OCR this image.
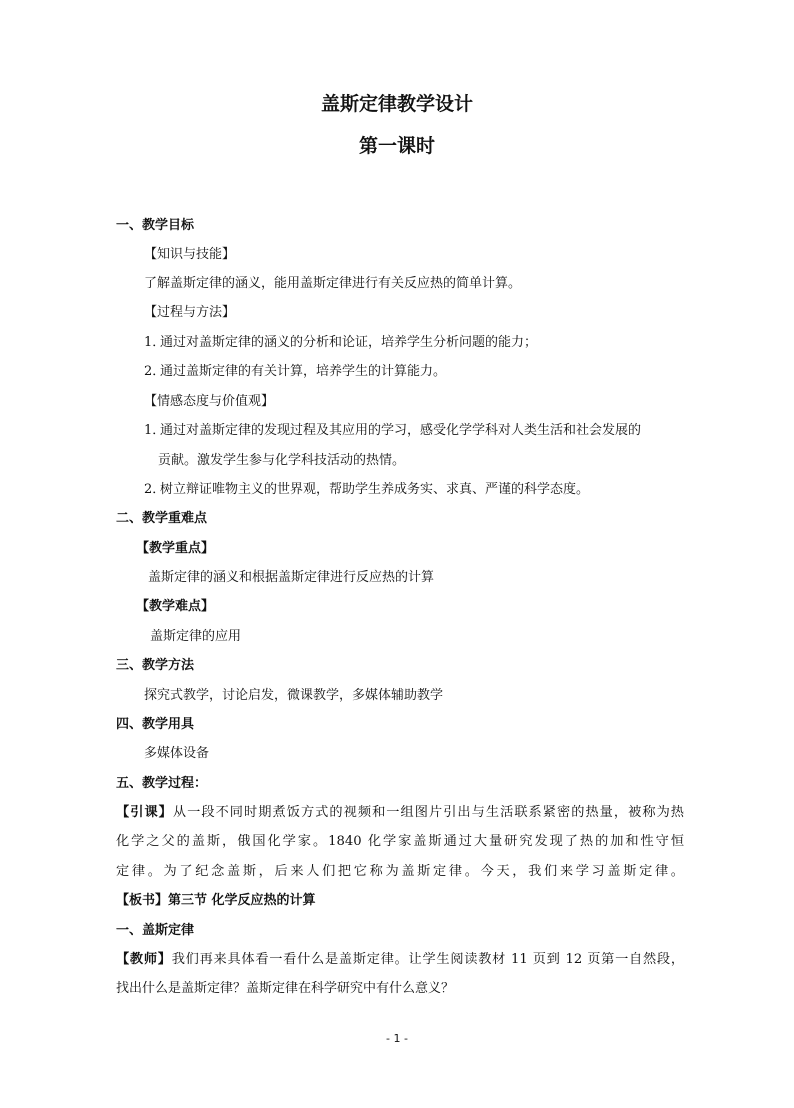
盖斯定律教学设计
第一课时
一、教学目标
【知识与技能】
了解盖斯定律的涵义，能用盖斯定律进行有关反应热的简单计算。
【过程与方法】
1．通过对盖斯定律的涵义的分析和论证，培养学生分析问题的能力；
2．通过盖斯定律的有关计算，培养学生的计算能力。
【情感态度与价值观】
1．通过对盖斯定律的发现过程及其应用的学习，感受化学学科对人类生活和社会发展的
贡献。激发学生参与化学科技活动的热情。
2．树立辩证唯物主义的世界观，帮助学生养成务实、求真、严谨的科学态度。
二、教学重难点
【教学重点】
盖斯定律的涵义和根据盖斯定律进行反应热的计算
【教学难点】
盖斯定律的应用
三、教学方法
探究式教学，讨论启发，微课教学，多媒体辅助教学
四、教学用具
多媒体设备
五、教学过程：
【引课】从一段不同时期煮饭方式的视频和一组图片引出与生活联系紧密的热量，被称为热
化学之父的盖斯，俄国化学家。1840 化学家盖斯通过大量研究发现了热的加和性守恒
定律。为了纪念盖斯，后来人们把它称为盖斯定律。今天，我们来学习盖斯定律。
【板书】第三节 化学反应热的计算
一、盖斯定律
【教师】我们再来具体看一看什么是盖斯定律。让学生阅读教材 11 页到 12 页第一自然段，
找出什么是盖斯定律？盖斯定律在科学研究中有什么意义？
- 1 -
